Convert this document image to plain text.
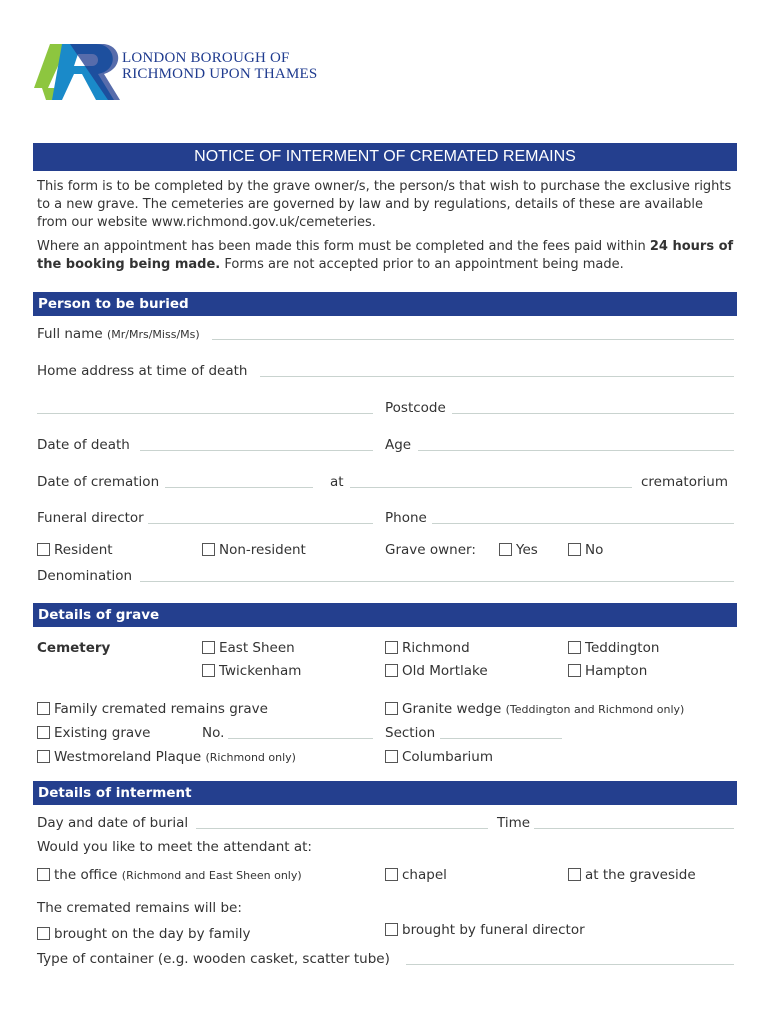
LONDON BOROUGH OF
RICHMOND UPON THAMES
NOTICE OF INTERMENT OF CREMATED REMAINS
This form is to be completed by the grave owner/s, the person/s that wish to purchase the exclusive rights to a new grave. The cemeteries are governed by law and by regulations, details of these are available from our website www.richmond.gov.uk/cemeteries.
Where an appointment has been made this form must be completed and the fees paid within 24 hours of the booking being made. Forms are not accepted prior to an appointment being made.
Person to be buried
Full name (Mr/Mrs/Miss/Ms)
Home address at time of death
Postcode
Date of death	Age
Date of cremation	at	crematorium
Funeral director	Phone
Resident	Non-resident	Grave owner:	Yes	No
Denomination
Details of grave
Cemetery	East Sheen	Richmond	Teddington
Twickenham	Old Mortlake	Hampton
Family cremated remains grave	Granite wedge (Teddington and Richmond only)
Existing grave	No.	Section
Westmoreland Plaque (Richmond only)	Columbarium
Details of interment
Day and date of burial	Time
Would you like to meet the attendant at:
the office (Richmond and East Sheen only)	chapel	at the graveside
The cremated remains will be:
brought on the day by family	brought by funeral director
Type of container (e.g. wooden casket, scatter tube)
